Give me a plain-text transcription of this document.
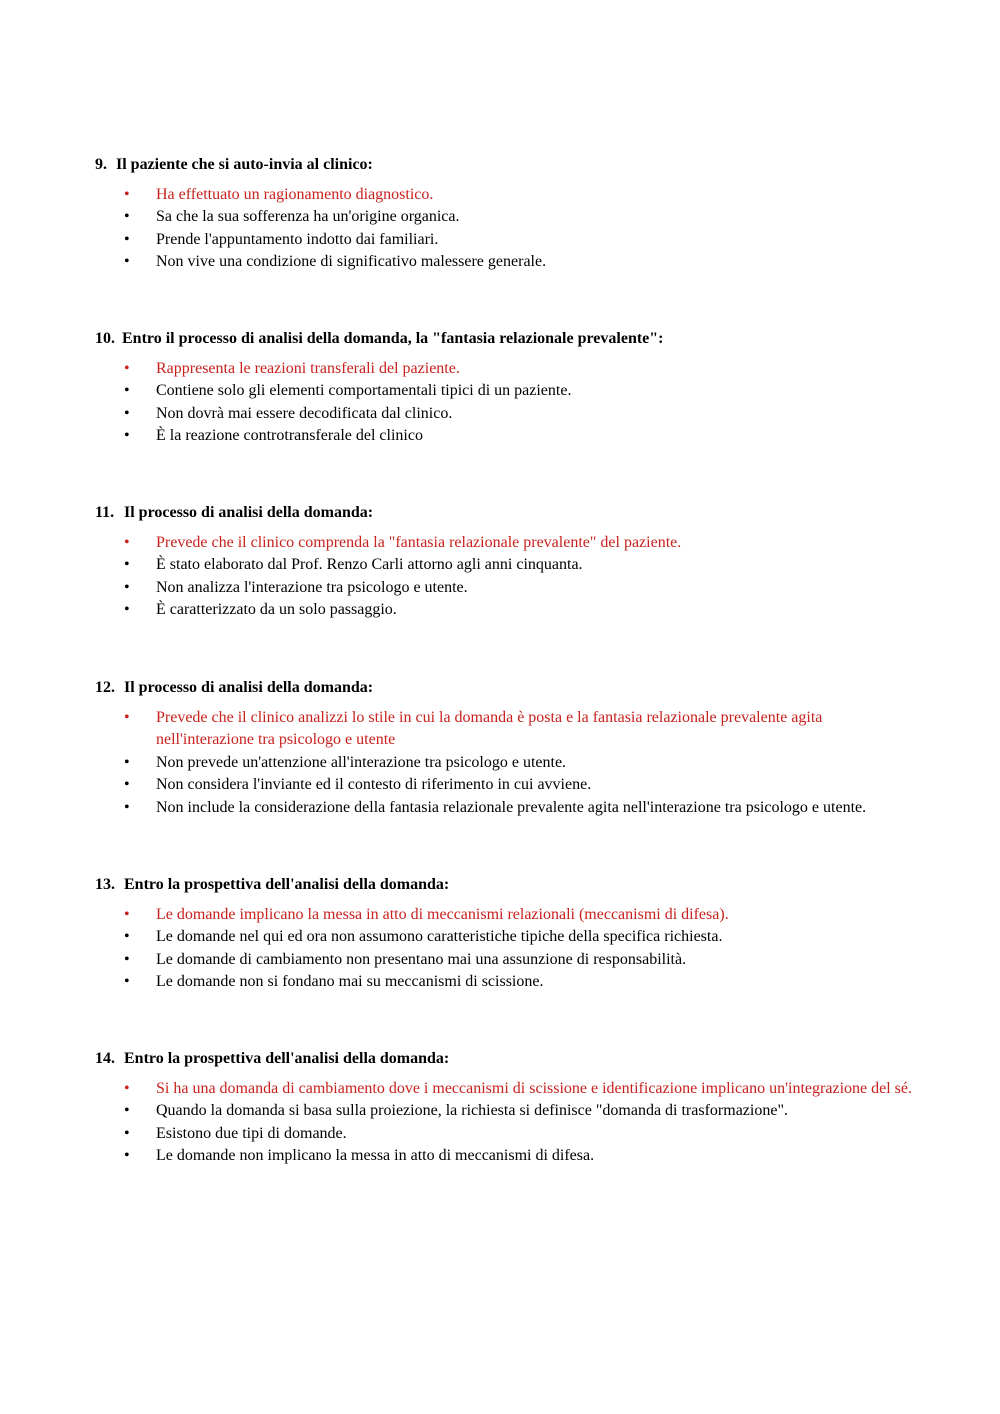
9. Il paziente che si auto-invia al clinico:
• Ha effettuato un ragionamento diagnostico.
• Sa che la sua sofferenza ha un'origine organica.
• Prende l'appuntamento indotto dai familiari.
• Non vive una condizione di significativo malessere generale.
10. Entro il processo di analisi della domanda, la "fantasia relazionale prevalente":
• Rappresenta le reazioni transferali del paziente.
• Contiene solo gli elementi comportamentali tipici di un paziente.
• Non dovrà mai essere decodificata dal clinico.
• È la reazione controtransferale del clinico
11. Il processo di analisi della domanda:
• Prevede che il clinico comprenda la "fantasia relazionale prevalente" del paziente.
• È stato elaborato dal Prof. Renzo Carli attorno agli anni cinquanta.
• Non analizza l'interazione tra psicologo e utente.
• È caratterizzato da un solo passaggio.
12. Il processo di analisi della domanda:
• Prevede che il clinico analizzi lo stile in cui la domanda è posta e la fantasia relazionale prevalente agita nell'interazione tra psicologo e utente
• Non prevede un'attenzione all'interazione tra psicologo e utente.
• Non considera l'inviante ed il contesto di riferimento in cui avviene.
• Non include la considerazione della fantasia relazionale prevalente agita nell'interazione tra psicologo e utente.
13. Entro la prospettiva dell'analisi della domanda:
• Le domande implicano la messa in atto di meccanismi relazionali (meccanismi di difesa).
• Le domande nel qui ed ora non assumono caratteristiche tipiche della specifica richiesta.
• Le domande di cambiamento non presentano mai una assunzione di responsabilità.
• Le domande non si fondano mai su meccanismi di scissione.
14. Entro la prospettiva dell'analisi della domanda:
• Si ha una domanda di cambiamento dove i meccanismi di scissione e identificazione implicano un'integrazione del sé.
• Quando la domanda si basa sulla proiezione, la richiesta si definisce "domanda di trasformazione".
• Esistono due tipi di domande.
• Le domande non implicano la messa in atto di meccanismi di difesa.
